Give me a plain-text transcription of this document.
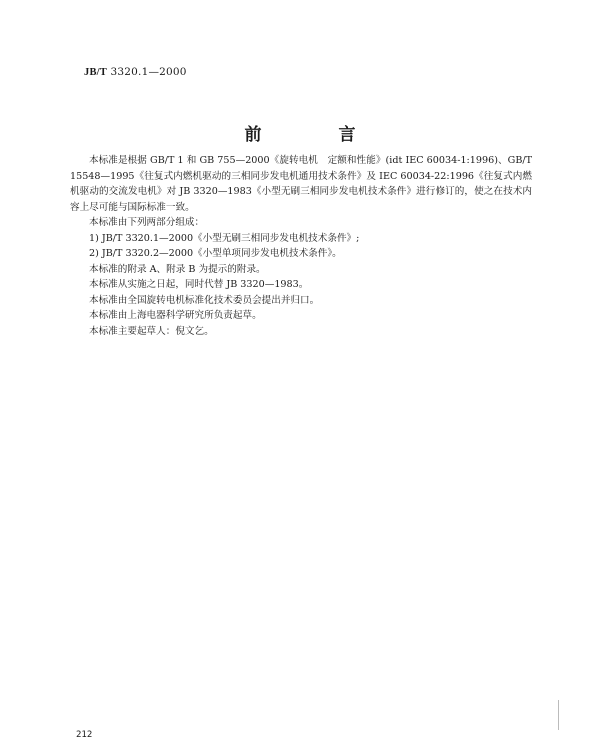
JB/T 3320.1—2000
前　言

本标准是根据 GB/T 1 和 GB 755—2000《旋转电机　定额和性能》(idt IEC 60034-1:1996)、GB/T 15548—1995《往复式内燃机驱动的三相同步发电机通用技术条件》及 IEC 60034-22:1996《往复式内燃机驱动的交流发电机》对 JB 3320—1983《小型无刷三相同步发电机技术条件》进行修订的，使之在技术内容上尽可能与国际标准一致。

本标准由下列两部分组成：

1) JB/T 3320.1—2000《小型无刷三相同步发电机技术条件》;

2) JB/T 3320.2—2000《小型单项同步发电机技术条件》。

本标准的附录 A、附录 B 为提示的附录。

本标准从实施之日起，同时代替 JB 3320—1983。

本标准由全国旋转电机标准化技术委员会提出并归口。

本标准由上海电器科学研究所负责起草。

本标准主要起草人：倪文乞。

212
